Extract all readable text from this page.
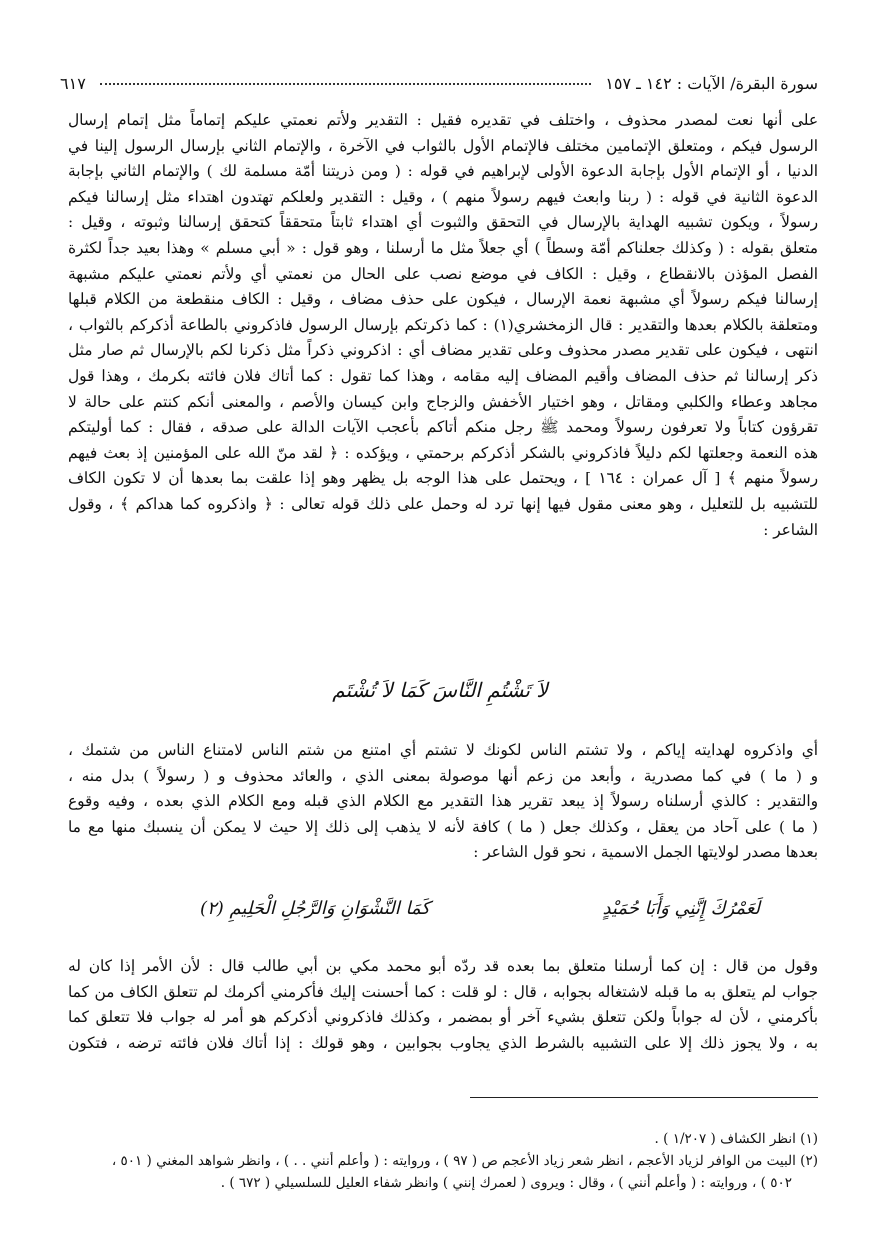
سورة البقرة/ الآيات : ١٤٢ ـ ١٥٧
٦١٧
على أنها نعت لمصدر محذوف ، واختلف في تقديره فقيل : التقدير ولأتم نعمتي عليكم إتماماً مثل إتمام إرسال
الرسول فيكم ، ومتعلق الإتمامين مختلف فالإتمام الأول بالثواب في الآخرة ، والإتمام الثاني بإرسال الرسول إلينا في
الدنيا ، أو الإتمام الأول بإجابة الدعوة الأولى لإبراهيم في قوله : ( ومن ذريتنا أمّة مسلمة لك ) والإتمام الثاني بإجابة
الدعوة الثانية في قوله : ( ربنا وابعث فيهم رسولاً منهم ) ، وقيل : التقدير ولعلكم تهتدون اهتداء مثل إرسالنا فيكم
رسولاً ، ويكون تشبيه الهداية بالإرسال في التحقق والثبوت أي اهتداء ثابتاً متحققاً كتحقق إرسالنا وثبوته ، وقيل :
متعلق بقوله : ( وكذلك جعلناكم أمّة وسطاً ) أي جعلاً مثل ما أرسلنا ، وهو قول : « أبي مسلم » وهذا بعيد جداً لكثرة
الفصل المؤذن بالانقطاع ، وقيل : الكاف في موضع نصب على الحال من نعمتي أي ولأتم نعمتي عليكم مشبهة
إرسالنا فيكم رسولاً أي مشبهة نعمة الإرسال ، فيكون على حذف مضاف ، وقيل : الكاف منقطعة من الكلام قبلها
ومتعلقة بالكلام بعدها والتقدير : قال الزمخشري(١) : كما ذكرتكم بإرسال الرسول فاذكروني بالطاعة أذكركم بالثواب ،
انتهى ، فيكون على تقدير مصدر محذوف وعلى تقدير مضاف أي : اذكروني ذكراً مثل ذكرنا لكم بالإرسال ثم صار مثل
ذكر إرسالنا ثم حذف المضاف وأقيم المضاف إليه مقامه ، وهذا كما تقول : كما أتاك فلان فائته بكرمك ، وهذا قول
مجاهد وعطاء والكلبي ومقاتل ، وهو اختيار الأخفش والزجاج وابن كيسان والأصم ، والمعنى أنكم كنتم على حالة لا
تقرؤون كتاباً ولا تعرفون رسولاً ومحمد ﷺ رجل منكم أتاكم بأعجب الآيات الدالة على صدقه ، فقال : كما أوليتكم
هذه النعمة وجعلتها لكم دليلاً فاذكروني بالشكر أذكركم برحمتي ، ويؤكده : ﴿ لقد منّ الله على المؤمنين إذ بعث فيهم
رسولاً منهم ﴾ [ آل عمران : ١٦٤ ] ، ويحتمل على هذا الوجه بل يظهر وهو إذا علقت بما بعدها أن لا تكون الكاف
للتشبيه بل للتعليل ، وهو معنى مقول فيها إنها ترد له وحمل على ذلك قوله تعالى : ﴿ واذكروه كما هداكم ﴾ ، وقول
الشاعر :
لاَ تَشْتُمِ النَّاسَ كَمَا لاَ تُشْتَم
أي واذكروه لهدايته إياكم ، ولا تشتم الناس لكونك لا تشتم أي امتنع من شتم الناس لامتناع الناس من شتمك ،
و ( ما ) في كما مصدرية ، وأبعد من زعم أنها موصولة بمعنى الذي ، والعائد محذوف و ( رسولاً ) بدل منه ،
والتقدير : كالذي أرسلناه رسولاً إذ يبعد تقرير هذا التقدير مع الكلام الذي قبله ومع الكلام الذي بعده ، وفيه وقوع
( ما ) على آحاد من يعقل ، وكذلك جعل ( ما ) كافة لأنه لا يذهب إلى ذلك إلا حيث لا يمكن أن ينسبك منها مع ما
بعدها مصدر لولايتها الجمل الاسمية ، نحو قول الشاعر :
لَعَمْرُكَ إِنَّنِي وَأَبَا حُمَيْدٍ
كَمَا النَّشْوَانِ وَالرَّجُلِ الْحَلِيمِ (٢)
وقول من قال : إن كما أرسلنا متعلق بما بعده قد ردّه أبو محمد مكي بن أبي طالب قال : لأن الأمر إذا كان له
جواب لم يتعلق به ما قبله لاشتغاله بجوابه ، قال : لو قلت : كما أحسنت إليك فأكرمني أكرمك لم تتعلق الكاف من كما
بأكرمني ، لأن له جواباً ولكن تتعلق بشيء آخر أو بمضمر ، وكذلك فاذكروني أذكركم هو أمر له جواب فلا تتعلق كما
به ، ولا يجوز ذلك إلا على التشبيه بالشرط الذي يجاوب بجوابين ، وهو قولك : إذا أتاك فلان فائته ترضه ، فتكون
(١) انظر الكشاف ( ١/٢٠٧ ) .
(٢) البيت من الوافر لزياد الأعجم ، انظر شعر زياد الأعجم ص ( ٩٧ ) ، وروايته : ( وأعلم أنني . . ) ، وانظر شواهد المغني ( ٥٠١ ،
٥٠٢ ) ، وروايته : ( وأعلم أنني ) ، وقال : ويروى ( لعمرك إنني ) وانظر شفاء العليل للسلسيلي ( ٦٧٢ ) .
